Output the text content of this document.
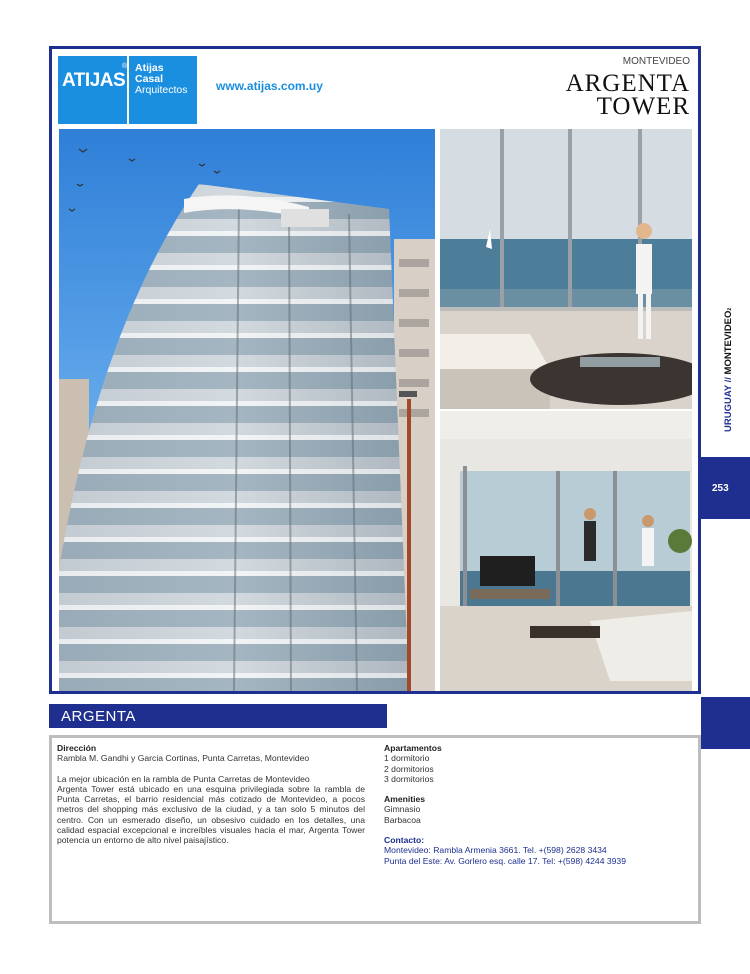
ATIJAS
® Atijas
Casal
Arquitectos www.atijas.com.uy
MONTEVIDEO
ARGENTA
TOWER
URUGUAY // MONTEVIDEOz
253
ARGENTA
Dirección
Rambla M. Gandhi y Garcia Cortinas, Punta Carretas, Montevideo
La mejor ubicación en la rambla de Punta Carretas de Montevideo
Argenta Tower está ubicado en una esquina privilegiada sobre la rambla de Punta Carretas, el barrio residencial más cotizado de Montevideo, a pocos metros del shopping más exclusivo de la ciudad, y a tan solo 5 minutos del centro. Con un esmerado diseño, un obsesivo cuidado en los detalles, una calidad espacial excepcional e increíbles visuales hacia el mar, Argenta Tower potencia un entorno de alto nivel paisajístico.
Apartamentos
1 dormitorio
2 dormitorios
3 dormitorios
Amenities
Gimnasio
Barbacoa
Contacto:
Montevideo: Rambla Armenia 3661. Tel. +(598) 2628 3434
Punta del Este: Av. Gorlero esq. calle 17. Tel: +(598) 4244 3939
